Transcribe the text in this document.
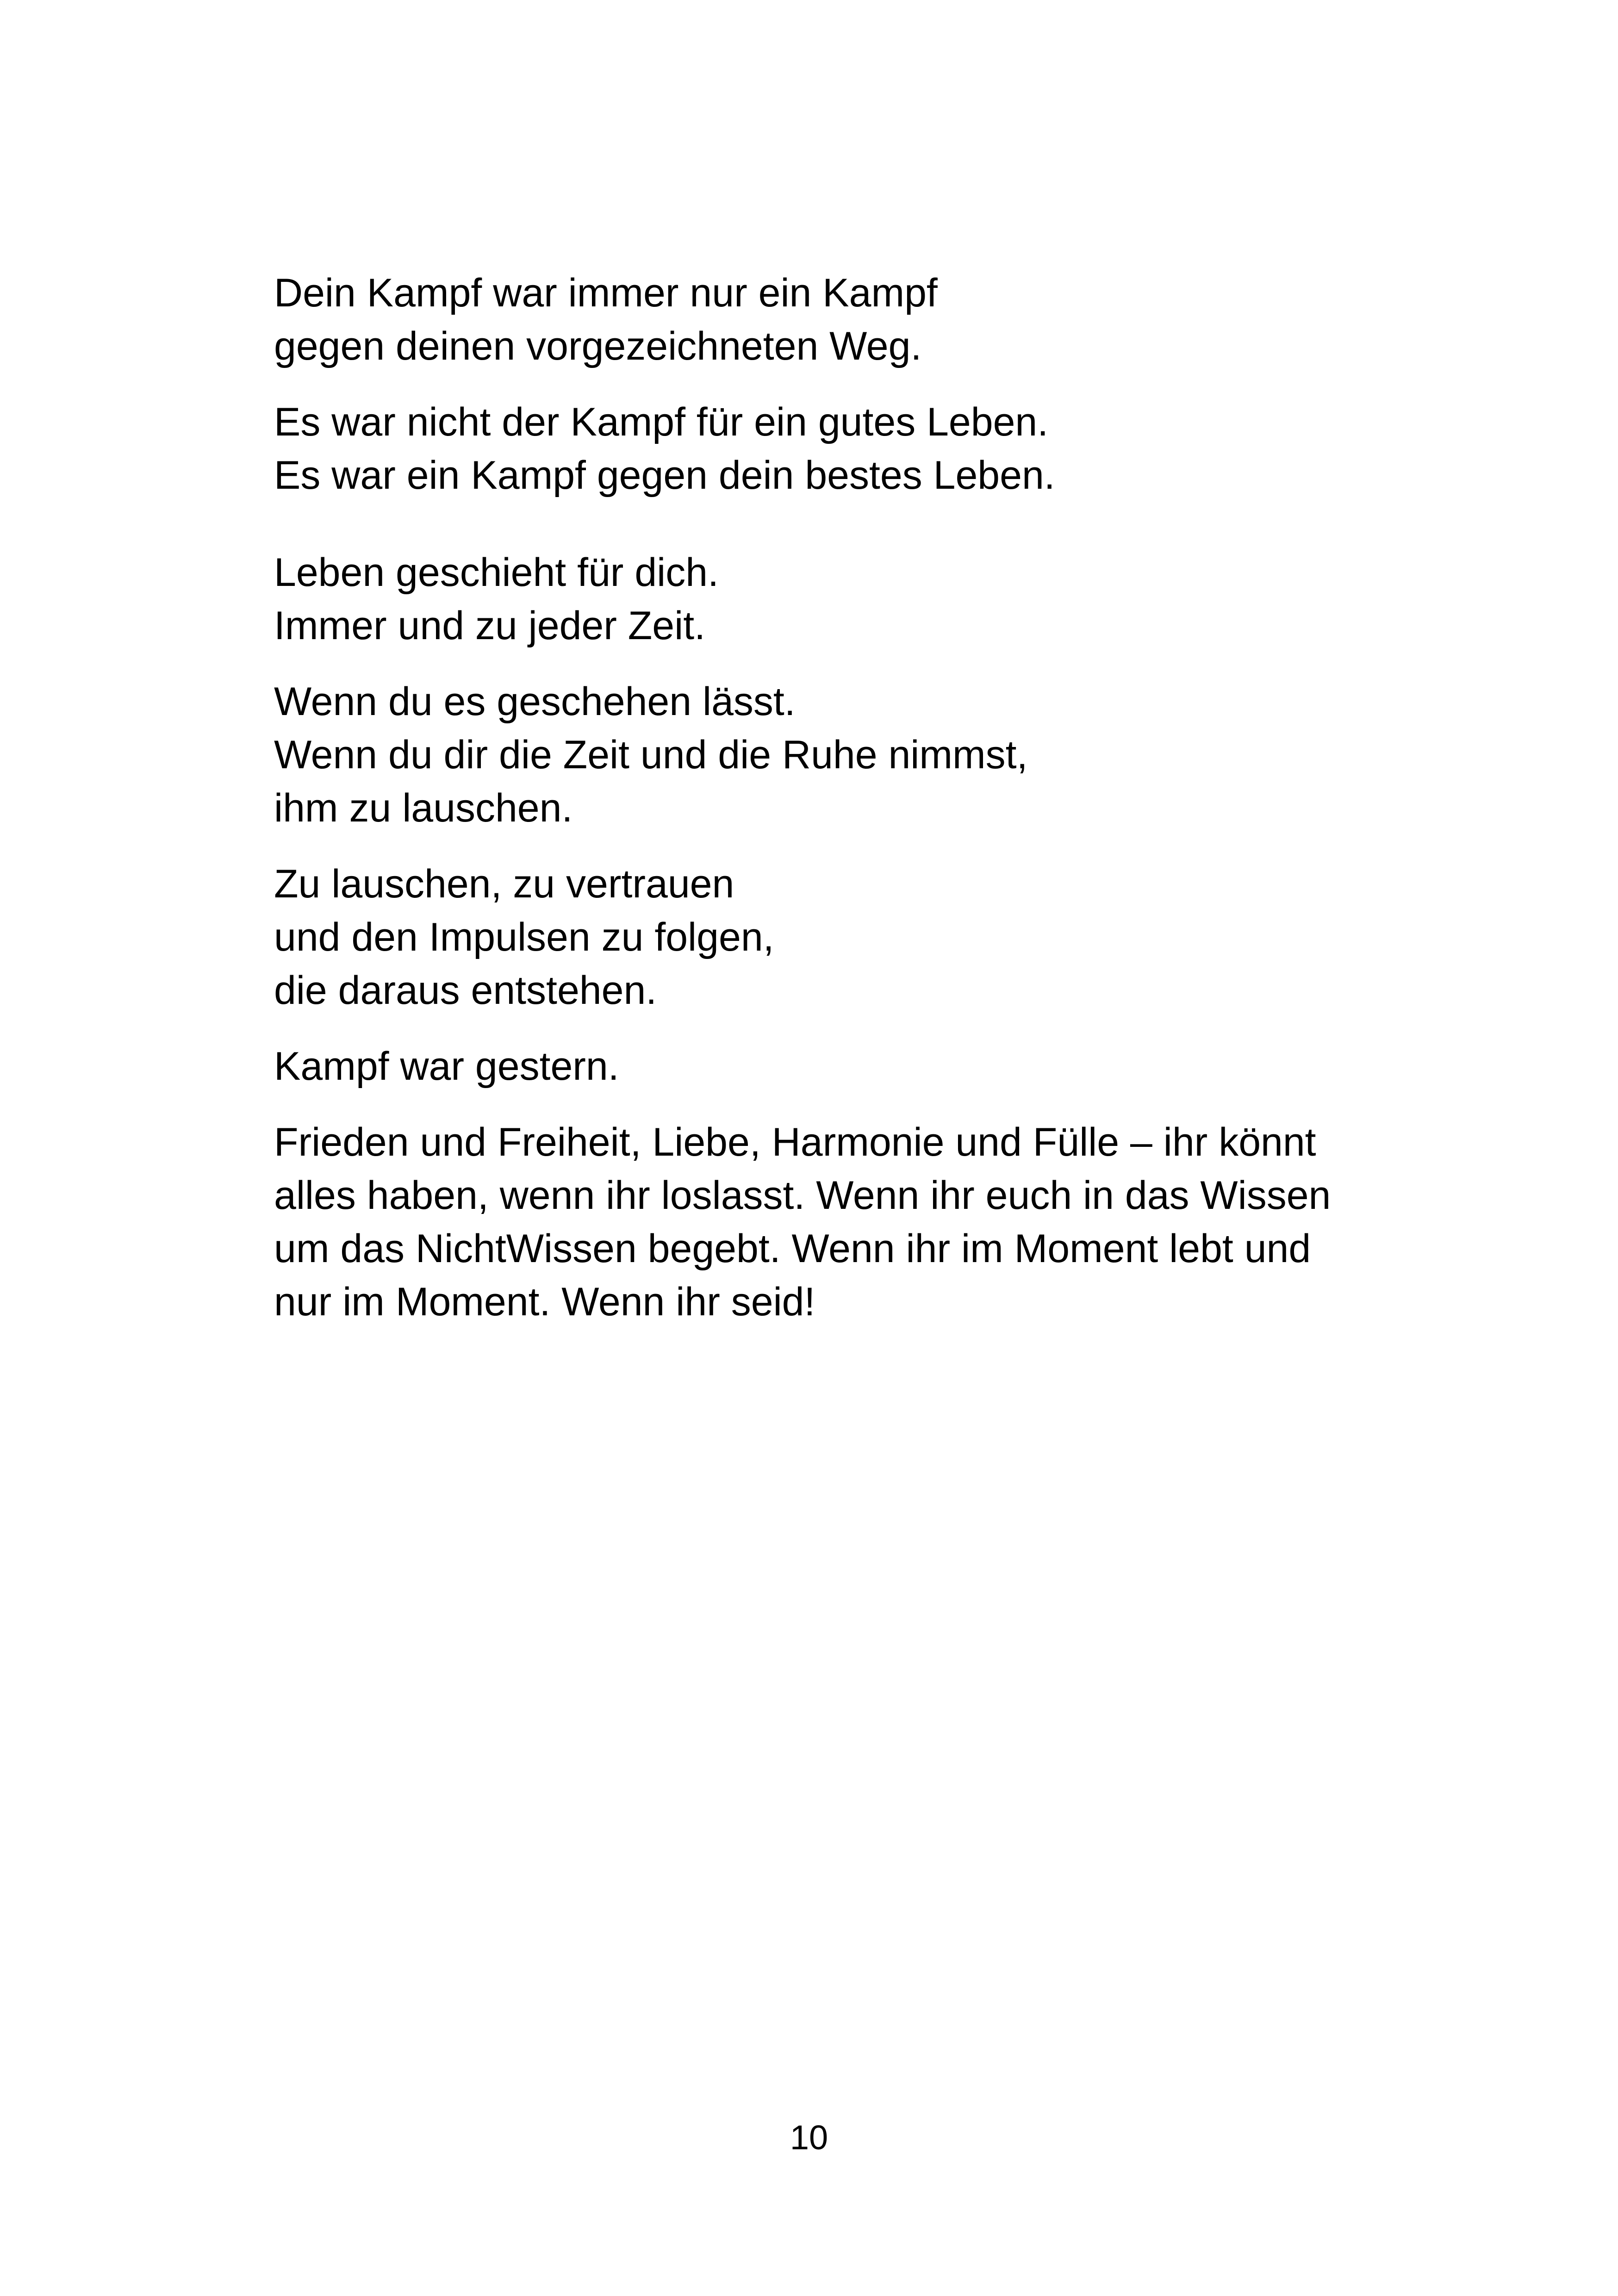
Dein Kampf war immer nur ein Kampf
gegen deinen vorgezeichneten Weg.

Es war nicht der Kampf für ein gutes Leben.
Es war ein Kampf gegen dein bestes Leben.

Leben geschieht für dich.
Immer und zu jeder Zeit.

Wenn du es geschehen lässt.
Wenn du dir die Zeit und die Ruhe nimmst,
ihm zu lauschen.

Zu lauschen, zu vertrauen
und den Impulsen zu folgen,
die daraus entstehen.

Kampf war gestern.

Frieden und Freiheit, Liebe, Harmonie und Fülle – ihr könnt
alles haben, wenn ihr loslasst. Wenn ihr euch in das Wissen
um das NichtWissen begebt. Wenn ihr im Moment lebt und
nur im Moment. Wenn ihr seid!

10
